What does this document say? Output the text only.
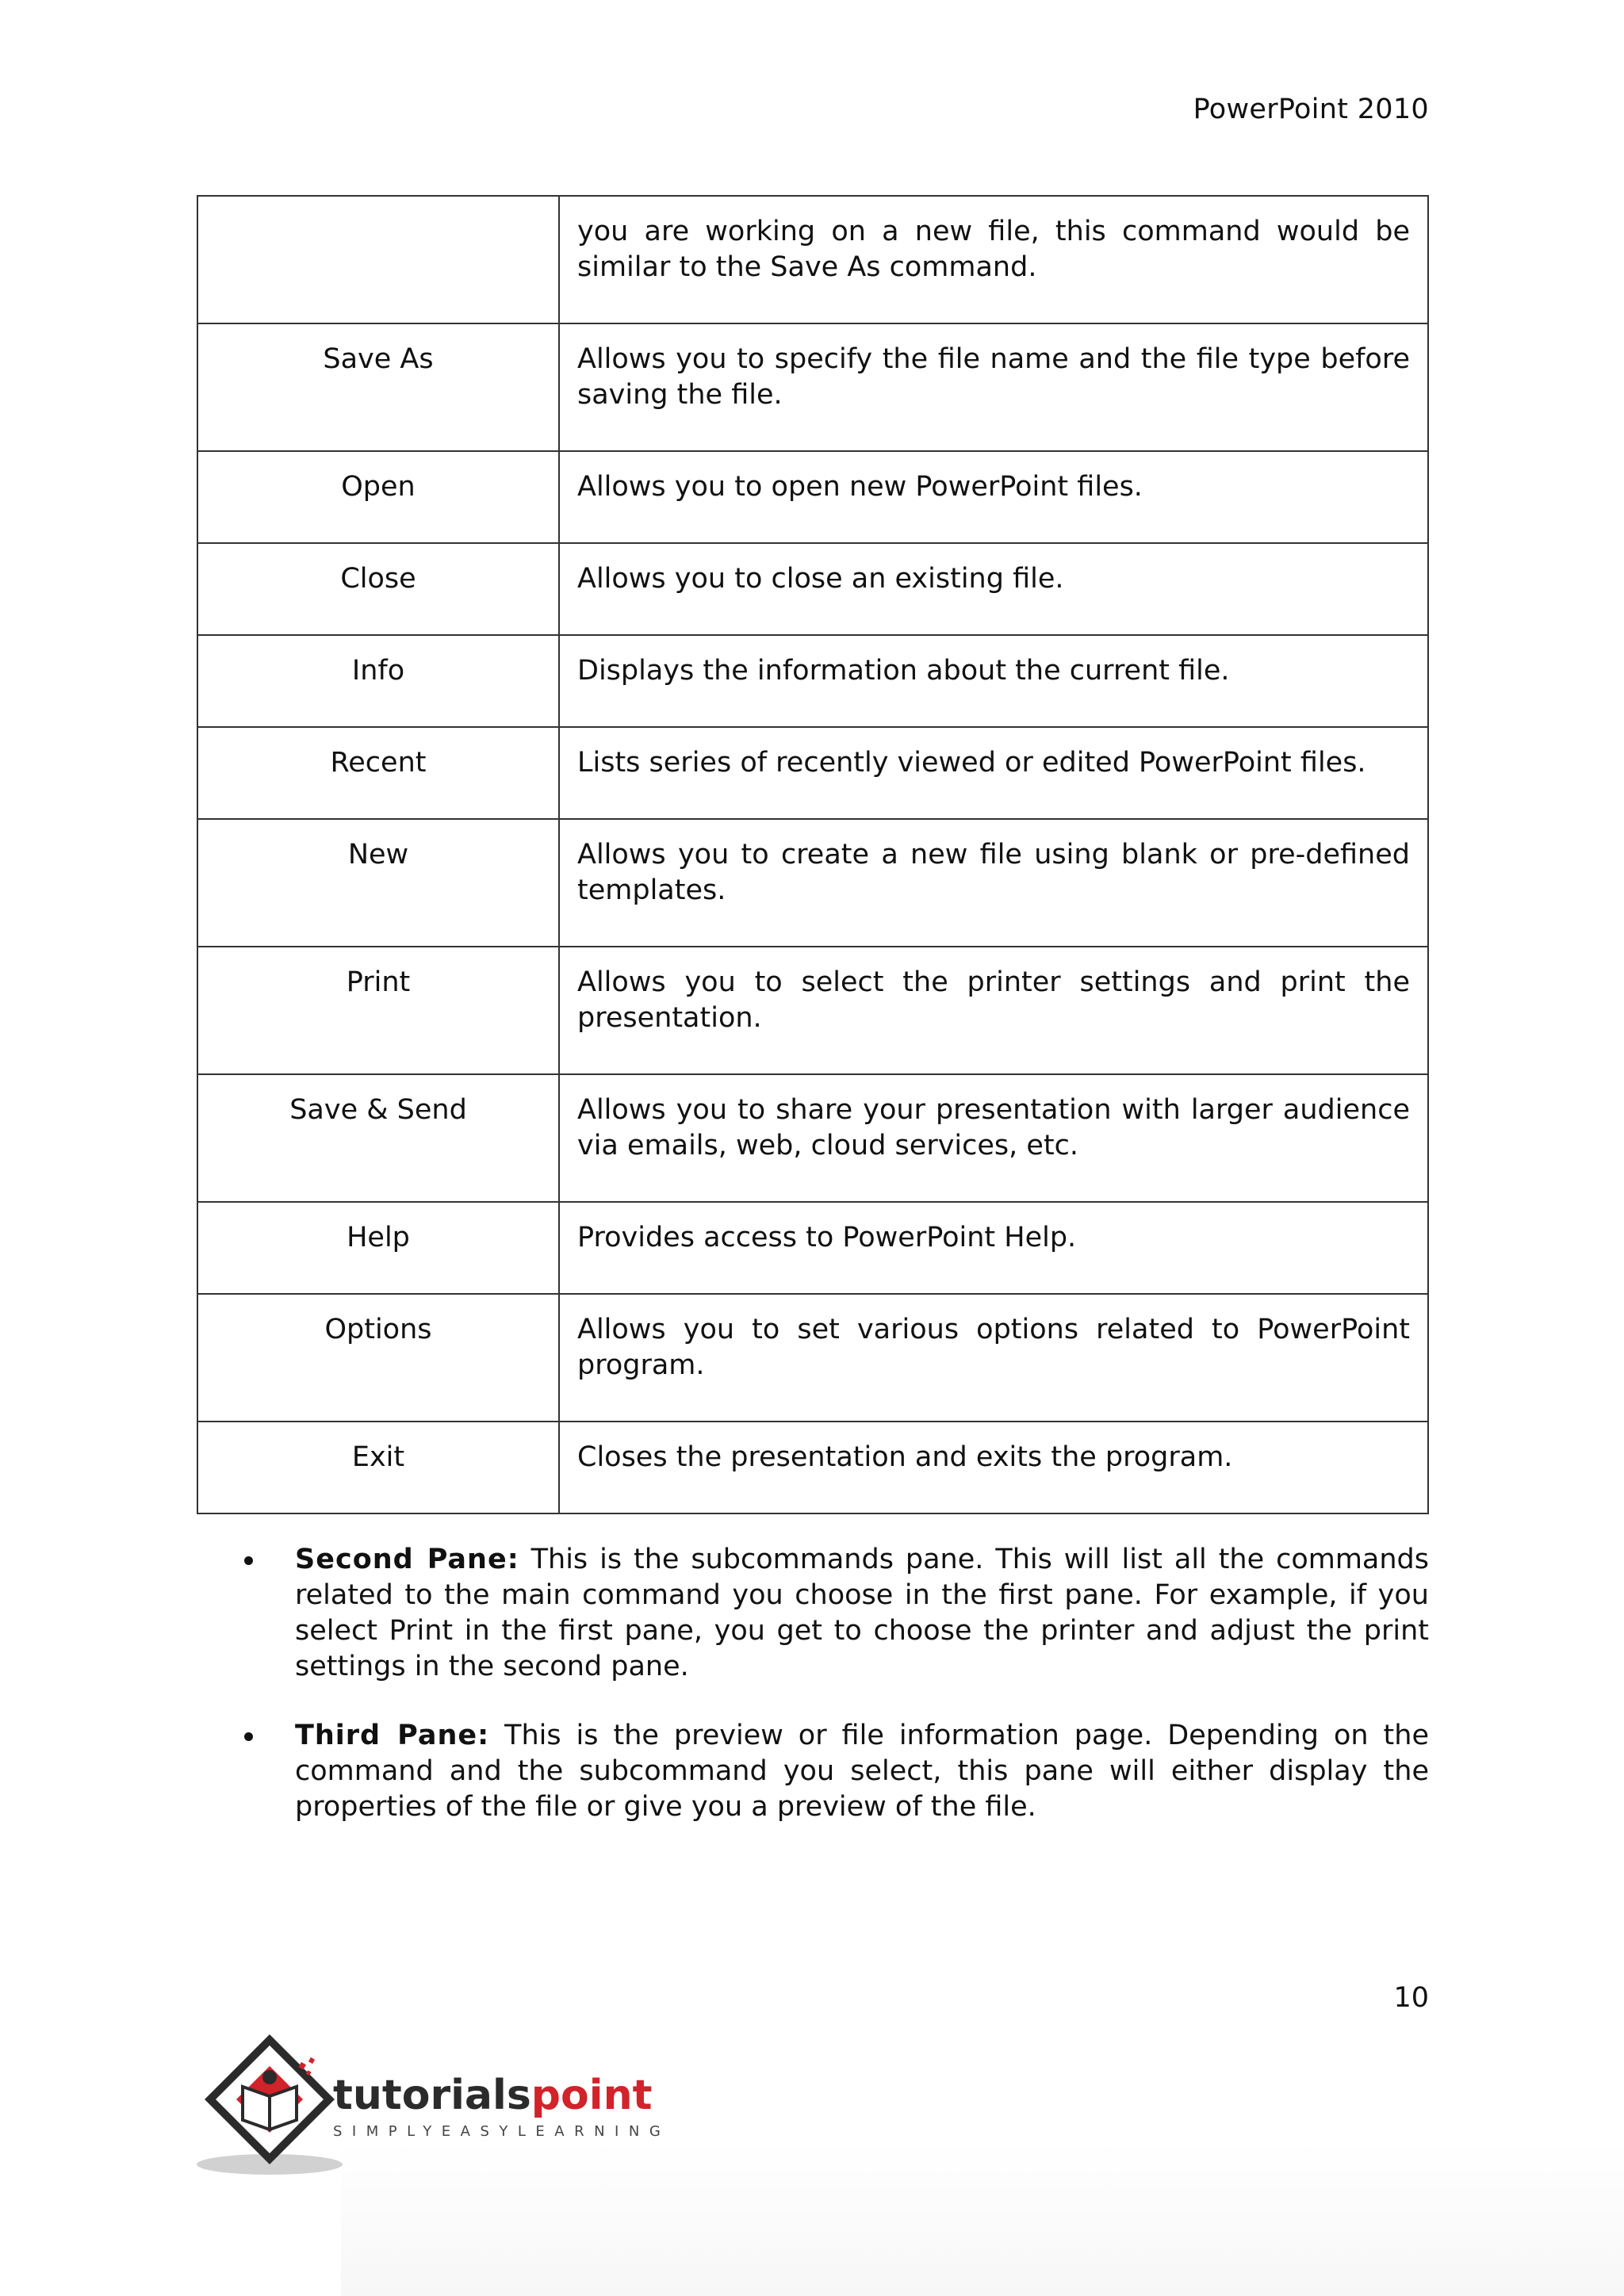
PowerPoint 2010
	you are working on a new file, this command would be similar to the Save As command.
Save As	Allows you to specify the file name and the file type before saving the file.
Open	Allows you to open new PowerPoint files.
Close	Allows you to close an existing file.
Info	Displays the information about the current file.
Recent	Lists series of recently viewed or edited PowerPoint files.
New	Allows you to create a new file using blank or pre-defined templates.
Print	Allows you to select the printer settings and print the presentation.
Save & Send	Allows you to share your presentation with larger audience via emails, web, cloud services, etc.
Help	Provides access to PowerPoint Help.
Options	Allows you to set various options related to PowerPoint program.
Exit	Closes the presentation and exits the program.
Second Pane: This is the subcommands pane. This will list all the commands related to the main command you choose in the first pane. For example, if you select Print in the first pane, you get to choose the printer and adjust the print settings in the second pane.
Third Pane: This is the preview or file information page. Depending on the command and the subcommand you select, this pane will either display the properties of the file or give you a preview of the file.
10
tutorialspoint
SIMPLYEASYLEARNING
